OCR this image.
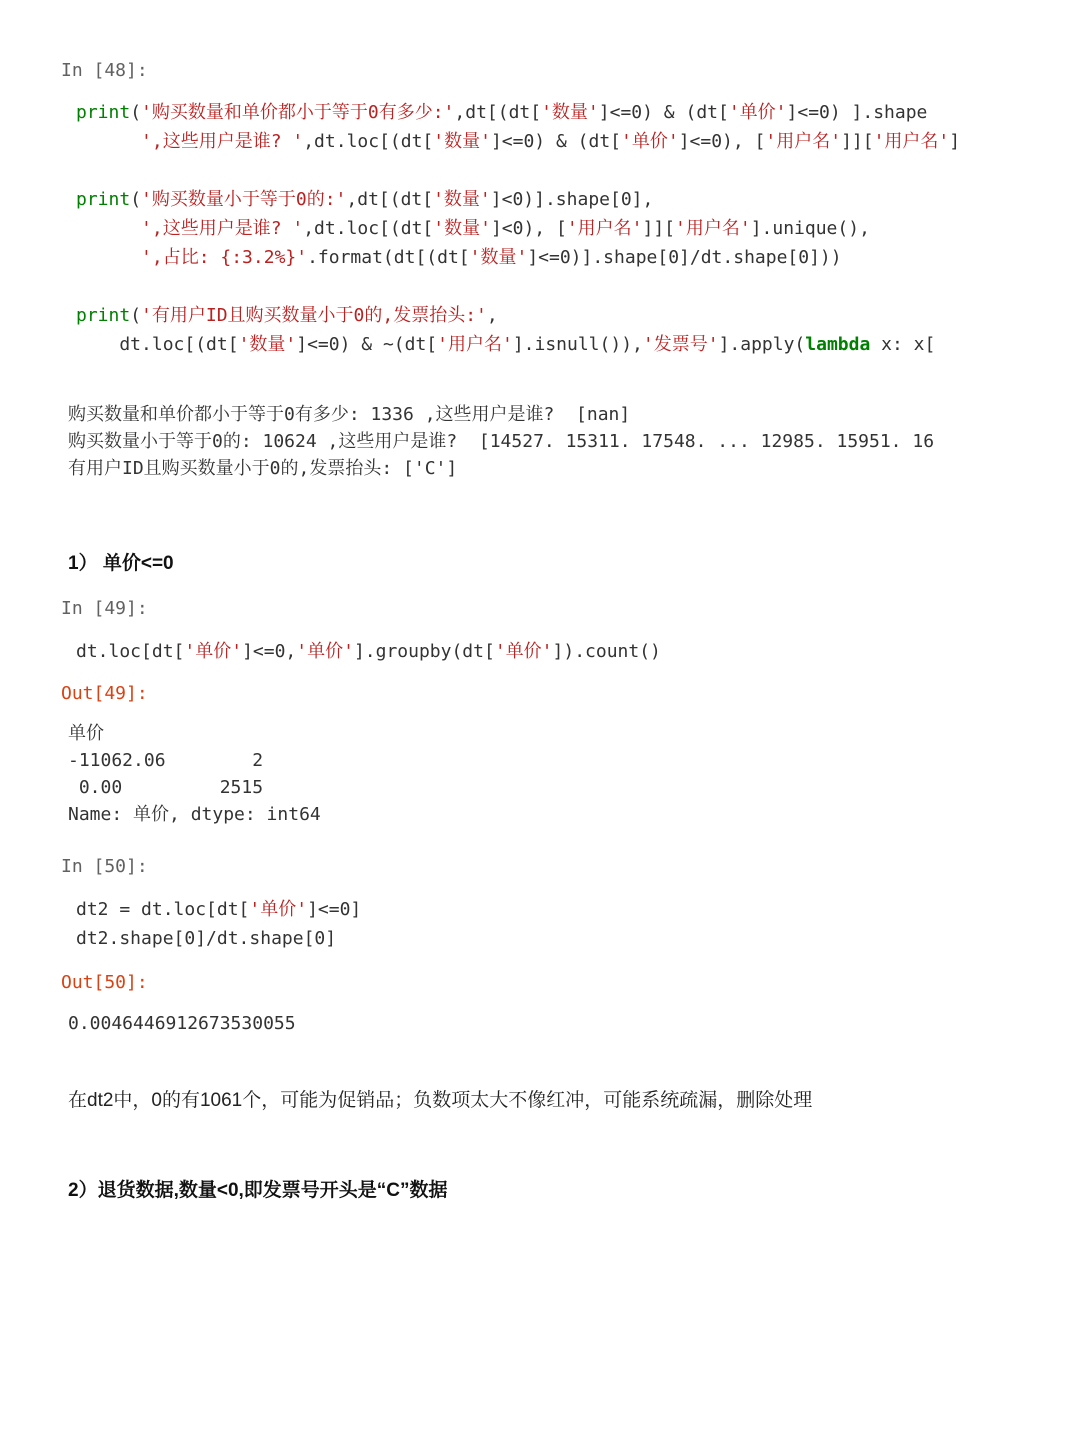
In [48]:
print('购买数量和单价都小于等于0有多少:',dt[(dt['数量']<=0) & (dt['单价']<=0) ].shape
',这些用户是谁? ',dt.loc[(dt['数量']<=0) & (dt['单价']<=0), ['用户名']]['用户名']
print('购买数量小于等于0的:',dt[(dt['数量']<0)].shape[0],
',这些用户是谁? ',dt.loc[(dt['数量']<0), ['用户名']]['用户名'].unique(),
',占比: {:3.2%}'.format(dt[(dt['数量']<=0)].shape[0]/dt.shape[0]))
print('有用户ID且购买数量小于0的,发票抬头:',
dt.loc[(dt['数量']<=0) & ~(dt['用户名'].isnull()),'发票号'].apply(lambda x: x[
购买数量和单价都小于等于0有多少: 1336 ,这些用户是谁?  [nan]
购买数量小于等于0的: 10624 ,这些用户是谁?  [14527. 15311. 17548. ... 12985. 15951. 16
有用户ID且购买数量小于0的,发票抬头: ['C']
1） 单价<=0
In [49]:
dt.loc[dt['单价']<=0,'单价'].groupby(dt['单价']).count()
Out[49]:
单价
-11062.06        2
0.00         2515
Name: 单价, dtype: int64
In [50]:
dt2 = dt.loc[dt['单价']<=0]
dt2.shape[0]/dt.shape[0]
Out[50]:
0.0046446912673530055
在dt2中，0的有1061个，可能为促销品；负数项太大不像红冲，可能系统疏漏，删除处理
2）退货数据,数量<0,即发票号开头是“C”数据
